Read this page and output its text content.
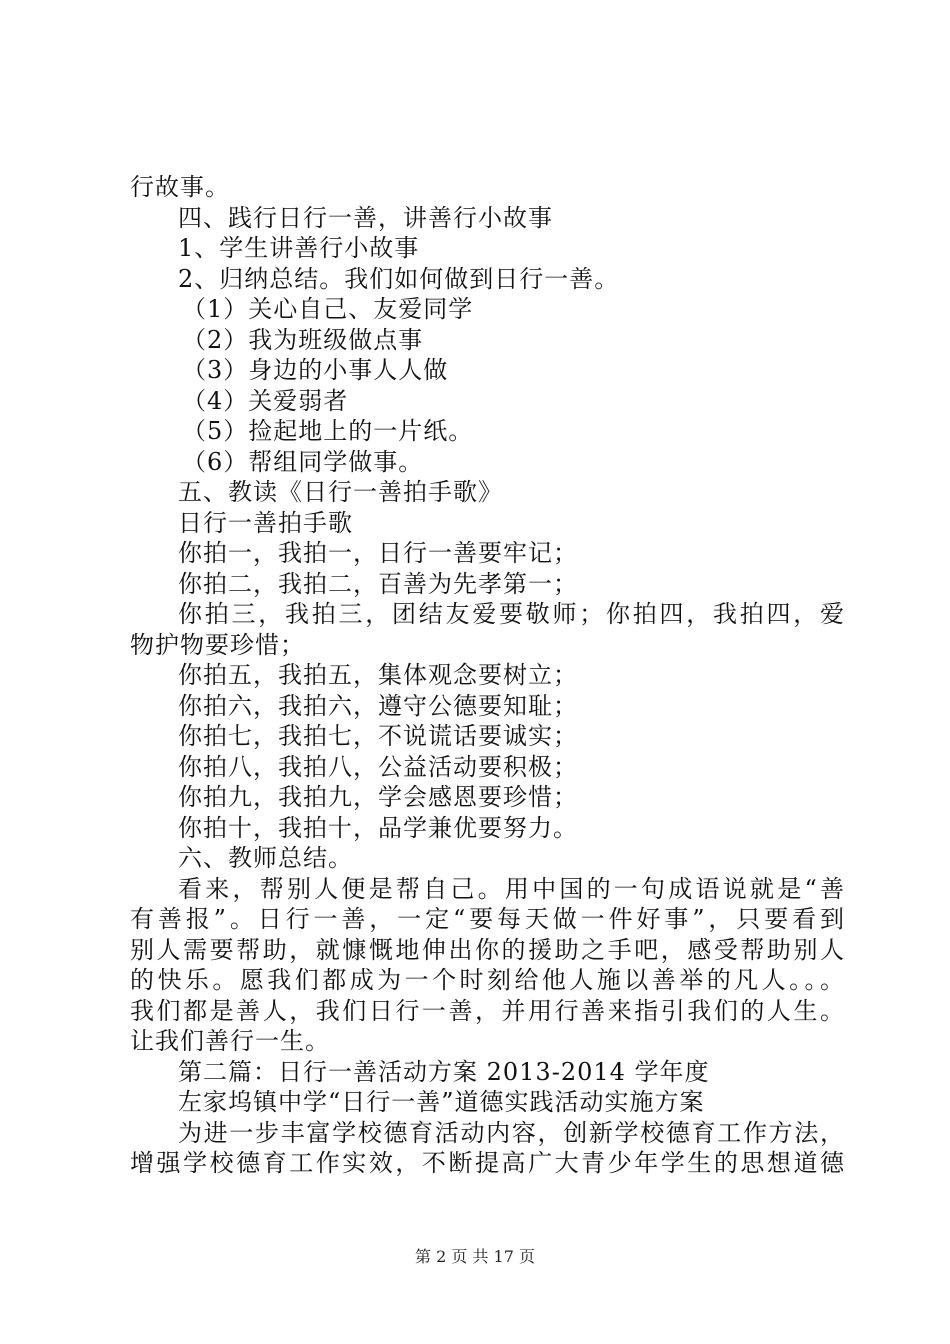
行故事。
四、践行日行一善，讲善行小故事
1、学生讲善行小故事
2、归纳总结。我们如何做到日行一善。
（1）关心自己、友爱同学
（2）我为班级做点事
（3）身边的小事人人做
（4）关爱弱者
（5）捡起地上的一片纸。
（6）帮组同学做事。
五、教读《日行一善拍手歌》
日行一善拍手歌
你拍一，我拍一，日行一善要牢记；
你拍二，我拍二，百善为先孝第一；
你拍三，我拍三，团结友爱要敬师；你拍四，我拍四，爱
物护物要珍惜；
你拍五，我拍五，集体观念要树立；
你拍六，我拍六，遵守公德要知耻；
你拍七，我拍七，不说谎话要诚实；
你拍八，我拍八，公益活动要积极；
你拍九，我拍九，学会感恩要珍惜；
你拍十，我拍十，品学兼优要努力。
六、教师总结。
看来，帮别人便是帮自己。用中国的一句成语说就是“善
有善报”。日行一善，一定“要每天做一件好事”，只要看到
别人需要帮助，就慷慨地伸出你的援助之手吧，感受帮助别人
的快乐。愿我们都成为一个时刻给他人施以善举的凡人。。。
我们都是善人，我们日行一善，并用行善来指引我们的人生。
让我们善行一生。
第二篇：日行一善活动方案 2013-2014 学年度
左家坞镇中学“日行一善”道德实践活动实施方案
为进一步丰富学校德育活动内容，创新学校德育工作方法，
增强学校德育工作实效，不断提高广大青少年学生的思想道德
第 2 页 共 17 页
